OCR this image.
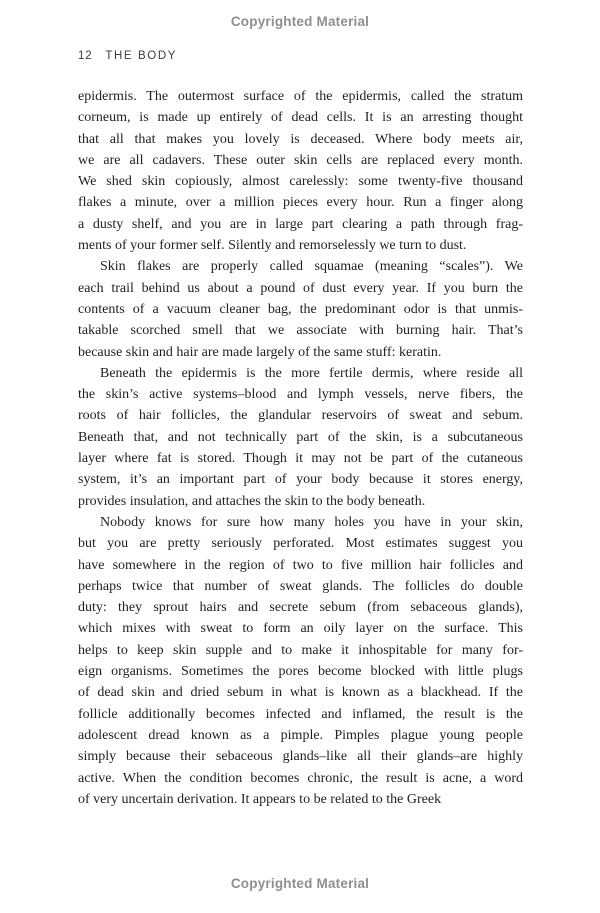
Copyrighted Material
12 THE BODY
epidermis. The outermost surface of the epidermis, called the stratum
corneum, is made up entirely of dead cells. It is an arresting thought
that all that makes you lovely is deceased. Where body meets air,
we are all cadavers. These outer skin cells are replaced every month.
We shed skin copiously, almost carelessly: some twenty-five thousand
flakes a minute, over a million pieces every hour. Run a finger along
a dusty shelf, and you are in large part clearing a path through frag-
ments of your former self. Silently and remorselessly we turn to dust.
Skin flakes are properly called squamae (meaning “scales”). We
each trail behind us about a pound of dust every year. If you burn the
contents of a vacuum cleaner bag, the predominant odor is that unmis-
takable scorched smell that we associate with burning hair. That’s
because skin and hair are made largely of the same stuff: keratin.
Beneath the epidermis is the more fertile dermis, where reside all
the skin’s active systems–blood and lymph vessels, nerve fibers, the
roots of hair follicles, the glandular reservoirs of sweat and sebum.
Beneath that, and not technically part of the skin, is a subcutaneous
layer where fat is stored. Though it may not be part of the cutaneous
system, it’s an important part of your body because it stores energy,
provides insulation, and attaches the skin to the body beneath.
Nobody knows for sure how many holes you have in your skin,
but you are pretty seriously perforated. Most estimates suggest you
have somewhere in the region of two to five million hair follicles and
perhaps twice that number of sweat glands. The follicles do double
duty: they sprout hairs and secrete sebum (from sebaceous glands),
which mixes with sweat to form an oily layer on the surface. This
helps to keep skin supple and to make it inhospitable for many for-
eign organisms. Sometimes the pores become blocked with little plugs
of dead skin and dried sebum in what is known as a blackhead. If the
follicle additionally becomes infected and inflamed, the result is the
adolescent dread known as a pimple. Pimples plague young people
simply because their sebaceous glands–like all their glands–are highly
active. When the condition becomes chronic, the result is acne, a word
of very uncertain derivation. It appears to be related to the Greek
Copyrighted Material
